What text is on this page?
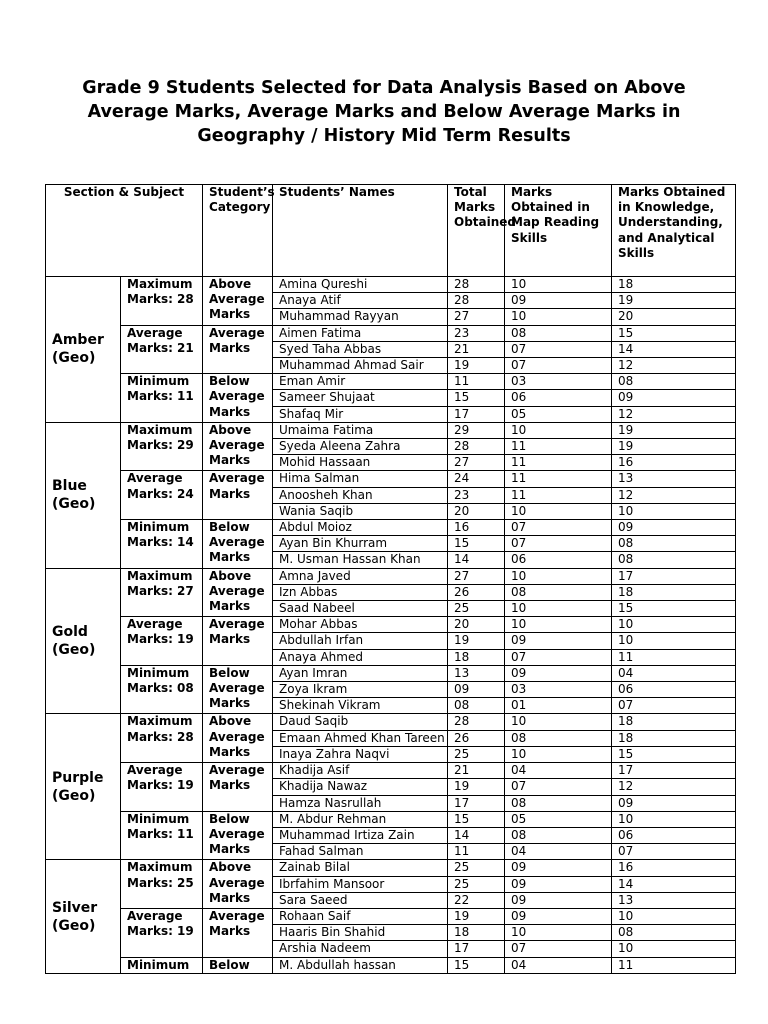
Grade 9 Students Selected for Data Analysis Based on Above
Average Marks, Average Marks and Below Average Marks in
Geography / History Mid Term Results
Section & Subject		Student’s Category	Students’ Names	Total Marks Obtained	Marks Obtained in Map Reading Skills	Marks Obtained in Knowledge, Understanding, and Analytical Skills
Amber (Geo)	Maximum Marks: 28	Above Average Marks	Amina Qureshi	28	10	18
			Anaya Atif	28	09	19
			Muhammad Rayyan	27	10	20
	Average Marks: 21	Average Marks	Aimen Fatima	23	08	15
			Syed Taha Abbas	21	07	14
			Muhammad Ahmad Sair	19	07	12
	Minimum Marks: 11	Below Average Marks	Eman Amir	11	03	08
			Sameer Shujaat	15	06	09
			Shafaq Mir	17	05	12
Blue (Geo)	Maximum Marks: 29	Above Average Marks	Umaima Fatima	29	10	19
			Syeda Aleena Zahra	28	11	19
			Mohid Hassaan	27	11	16
	Average Marks: 24	Average Marks	Hima Salman	24	11	13
			Anoosheh Khan	23	11	12
			Wania Saqib	20	10	10
	Minimum Marks: 14	Below Average Marks	Abdul Moioz	16	07	09
			Ayan Bin Khurram	15	07	08
			M. Usman Hassan Khan	14	06	08
Gold (Geo)	Maximum Marks: 27	Above Average Marks	Amna Javed	27	10	17
			Izn Abbas	26	08	18
			Saad Nabeel	25	10	15
	Average Marks: 19	Average Marks	Mohar Abbas	20	10	10
			Abdullah Irfan	19	09	10
			Anaya Ahmed	18	07	11
	Minimum Marks: 08	Below Average Marks	Ayan Imran	13	09	04
			Zoya Ikram	09	03	06
			Shekinah Vikram	08	01	07
Purple (Geo)	Maximum Marks: 28	Above Average Marks	Daud Saqib	28	10	18
			Emaan Ahmed Khan Tareen	26	08	18
			Inaya Zahra Naqvi	25	10	15
	Average Marks: 19	Average Marks	Khadija Asif	21	04	17
			Khadija Nawaz	19	07	12
			Hamza Nasrullah	17	08	09
	Minimum Marks: 11	Below Average Marks	M. Abdur Rehman	15	05	10
			Muhammad Irtiza Zain	14	08	06
			Fahad Salman	11	04	07
Silver (Geo)	Maximum Marks: 25	Above Average Marks	Zainab Bilal	25	09	16
			Ibrfahim Mansoor	25	09	14
			Sara Saeed	22	09	13
	Average Marks: 19	Average Marks	Rohaan Saif	19	09	10
			Haaris Bin Shahid	18	10	08
			Arshia Nadeem	17	07	10
	Minimum	Below	M. Abdullah hassan	15	04	11
